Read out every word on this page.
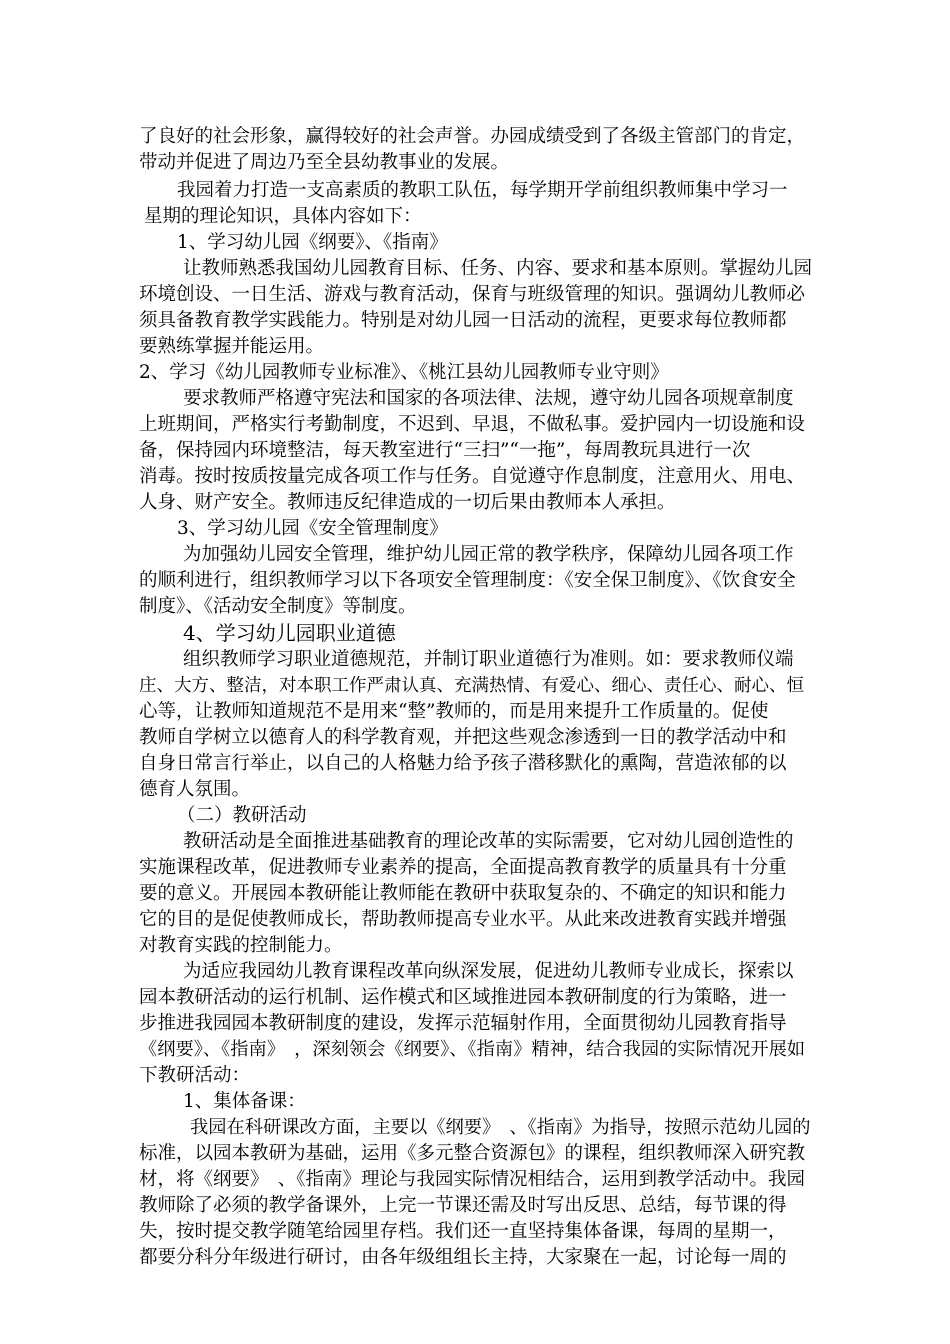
了良好的社会形象，赢得较好的社会声誉。办园成绩受到了各级主管部门的肯定，
带动并促进了周边乃至全县幼教事业的发展。
我园着力打造一支高素质的教职工队伍，每学期开学前组织教师集中学习一
星期的理论知识，具体内容如下：
1、学习幼儿园《纲要》、《指南》
让教师熟悉我国幼儿园教育目标、任务、内容、要求和基本原则。掌握幼儿园
环境创设、一日生活、游戏与教育活动，保育与班级管理的知识。强调幼儿教师必
须具备教育教学实践能力。特别是对幼儿园一日活动的流程，更要求每位教师都
要熟练掌握并能运用。
2、学习《幼儿园教师专业标准》、《桃江县幼儿园教师专业守则》
要求教师严格遵守宪法和国家的各项法律、法规，遵守幼儿园各项规章制度
上班期间，严格实行考勤制度，不迟到、早退，不做私事。爱护园内一切设施和设
备，保持园内环境整洁，每天教室进行“三扫”“一拖”，每周教玩具进行一次
消毒。按时按质按量完成各项工作与任务。自觉遵守作息制度，注意用火、用电、
人身、财产安全。教师违反纪律造成的一切后果由教师本人承担。
3、学习幼儿园《安全管理制度》
为加强幼儿园安全管理，维护幼儿园正常的教学秩序，保障幼儿园各项工作
的顺利进行，组织教师学习以下各项安全管理制度：《安全保卫制度》、《饮食安全
制度》、《活动安全制度》等制度。
4、学习幼儿园职业道德
组织教师学习职业道德规范，并制订职业道德行为准则。如：要求教师仪端
庄、大方、整洁，对本职工作严肃认真、充满热情、有爱心、细心、责任心、耐心、恒
心等，让教师知道规范不是用来“整”教师的，而是用来提升工作质量的。促使
教师自学树立以德育人的科学教育观，并把这些观念渗透到一日的教学活动中和
自身日常言行举止，以自己的人格魅力给予孩子潜移默化的熏陶，营造浓郁的以
德育人氛围。
（二）教研活动
教研活动是全面推进基础教育的理论改革的实际需要，它对幼儿园创造性的
实施课程改革，促进教师专业素养的提高，全面提高教育教学的质量具有十分重
要的意义。开展园本教研能让教师能在教研中获取复杂的、不确定的知识和能力
它的目的是促使教师成长，帮助教师提高专业水平。从此来改进教育实践并增强
对教育实践的控制能力。
为适应我园幼儿教育课程改革向纵深发展，促进幼儿教师专业成长，探索以
园本教研活动的运行机制、运作模式和区域推进园本教研制度的行为策略，进一
步推进我园园本教研制度的建设，发挥示范辐射作用，全面贯彻幼儿园教育指导
《纲要》、《指南》　，深刻领会《纲要》、《指南》精神，结合我园的实际情况开展如
下教研活动：
1、集体备课：
我园在科研课改方面，主要以《纲要》　、《指南》为指导，按照示范幼儿园的
标准，以园本教研为基础，运用《多元整合资源包》的课程，组织教师深入研究教
材，将《纲要》　、《指南》理论与我园实际情况相结合，运用到教学活动中。我园
教师除了必须的教学备课外，上完一节课还需及时写出反思、总结，每节课的得
失，按时提交教学随笔给园里存档。我们还一直坚持集体备课，每周的星期一，
都要分科分年级进行研讨，由各年级组组长主持，大家聚在一起，讨论每一周的
